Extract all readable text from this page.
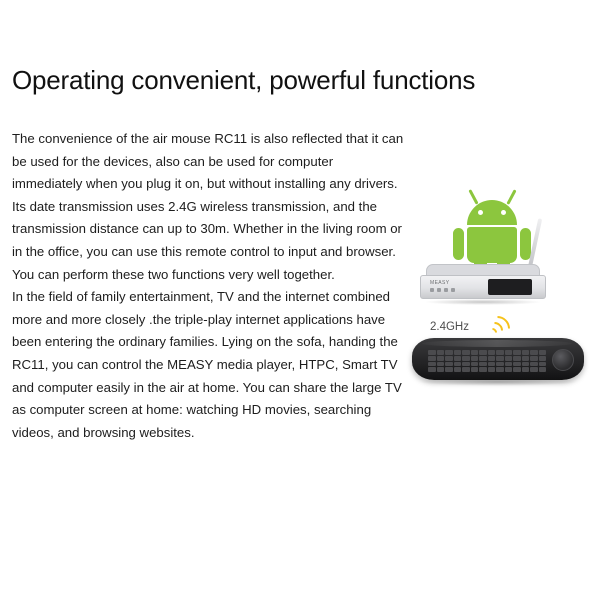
Operating convenient, powerful functions

The convenience of the air mouse RC11 is also reflected that it can be used for the devices, also can be used for computer immediately when you plug it on, but without installing any drivers. Its date transmission uses 2.4G wireless transmission, and the transmission distance can up to 30m. Whether in the living room or in the office, you can use this remote control to input and browser. You can perform these two functions very well together.

In the field of family entertainment, TV and the internet combined more and more closely .the triple-play internet applications have been entering the ordinary families. Lying on the sofa, handing the RC11, you can control the MEASY media player, HTPC, Smart TV and computer easily in the air at home. You can share the large TV as computer screen at home: watching HD movies, searching videos, and browsing websites.

MEASY
2.4GHz
